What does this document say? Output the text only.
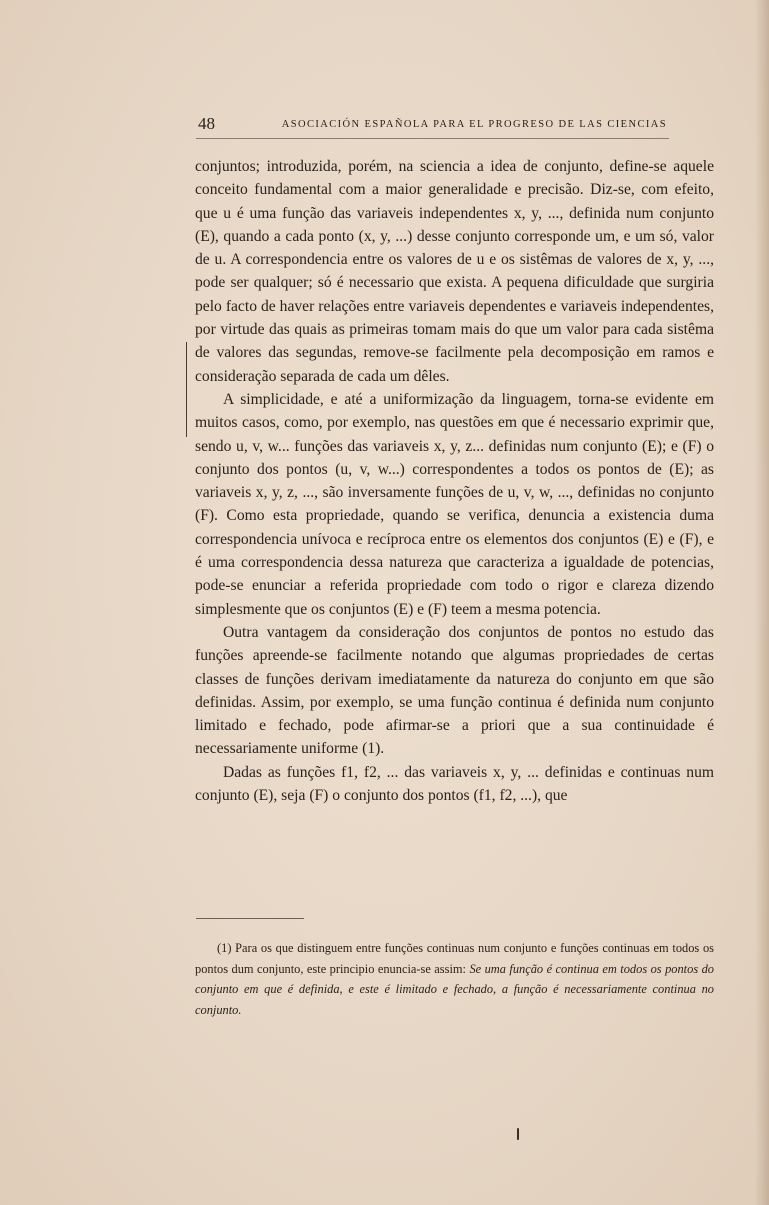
48	ASOCIACIÓN ESPAÑOLA PARA EL PROGRESO DE LAS CIENCIAS

conjuntos; introduzida, porém, na sciencia a idea de conjunto, define-se aquele conceito fundamental com a maior generalidade e precisão. Diz-se, com efeito, que u é uma função das variaveis independentes x, y, ..., definida num conjunto (E), quando a cada ponto (x, y, ...) desse conjunto corresponde um, e um só, valor de u. A correspondencia entre os valores de u e os sistêmas de valores de x, y, ..., pode ser qualquer; só é necessario que exista. A pequena dificuldade que surgiria pelo facto de haver relações entre variaveis dependentes e variaveis independentes, por virtude das quais as primeiras tomam mais do que um valor para cada sistêma de valores das segundas, remove-se facilmente pela decomposição em ramos e consideração separada de cada um dêles.

A simplicidade, e até a uniformização da linguagem, torna-se evidente em muitos casos, como, por exemplo, nas questões em que é necessario exprimir que, sendo u, v, w... funções das variaveis x, y, z... definidas num conjunto (E); e (F) o conjunto dos pontos (u, v, w...) correspondentes a todos os pontos de (E); as variaveis x, y, z, ..., são inversamente funções de u, v, w, ..., definidas no conjunto (F). Como esta propriedade, quando se verifica, denuncia a existencia duma correspondencia unívoca e recíproca entre os elementos dos conjuntos (E) e (F), e é uma correspondencia dessa natureza que caracteriza a igualdade de potencias, pode-se enunciar a referida propriedade com todo o rigor e clareza dizendo simplesmente que os conjuntos (E) e (F) teem a mesma potencia.

Outra vantagem da consideração dos conjuntos de pontos no estudo das funções apreende-se facilmente notando que algumas propriedades de certas classes de funções derivam imediatamente da natureza do conjunto em que são definidas. Assim, por exemplo, se uma função continua é definida num conjunto limitado e fechado, pode afirmar-se a priori que a sua continuidade é necessariamente uniforme (1).

Dadas as funções f1, f2, ... das variaveis x, y, ... definidas e continuas num conjunto (E), seja (F) o conjunto dos pontos (f1, f2, ...), que

(1) Para os que distinguem entre funções continuas num conjunto e funções continuas em todos os pontos dum conjunto, este principio enuncia-se assim: Se uma função é continua em todos os pontos do conjunto em que é definida, e este é limitado e fechado, a função é necessariamente continua no conjunto.
